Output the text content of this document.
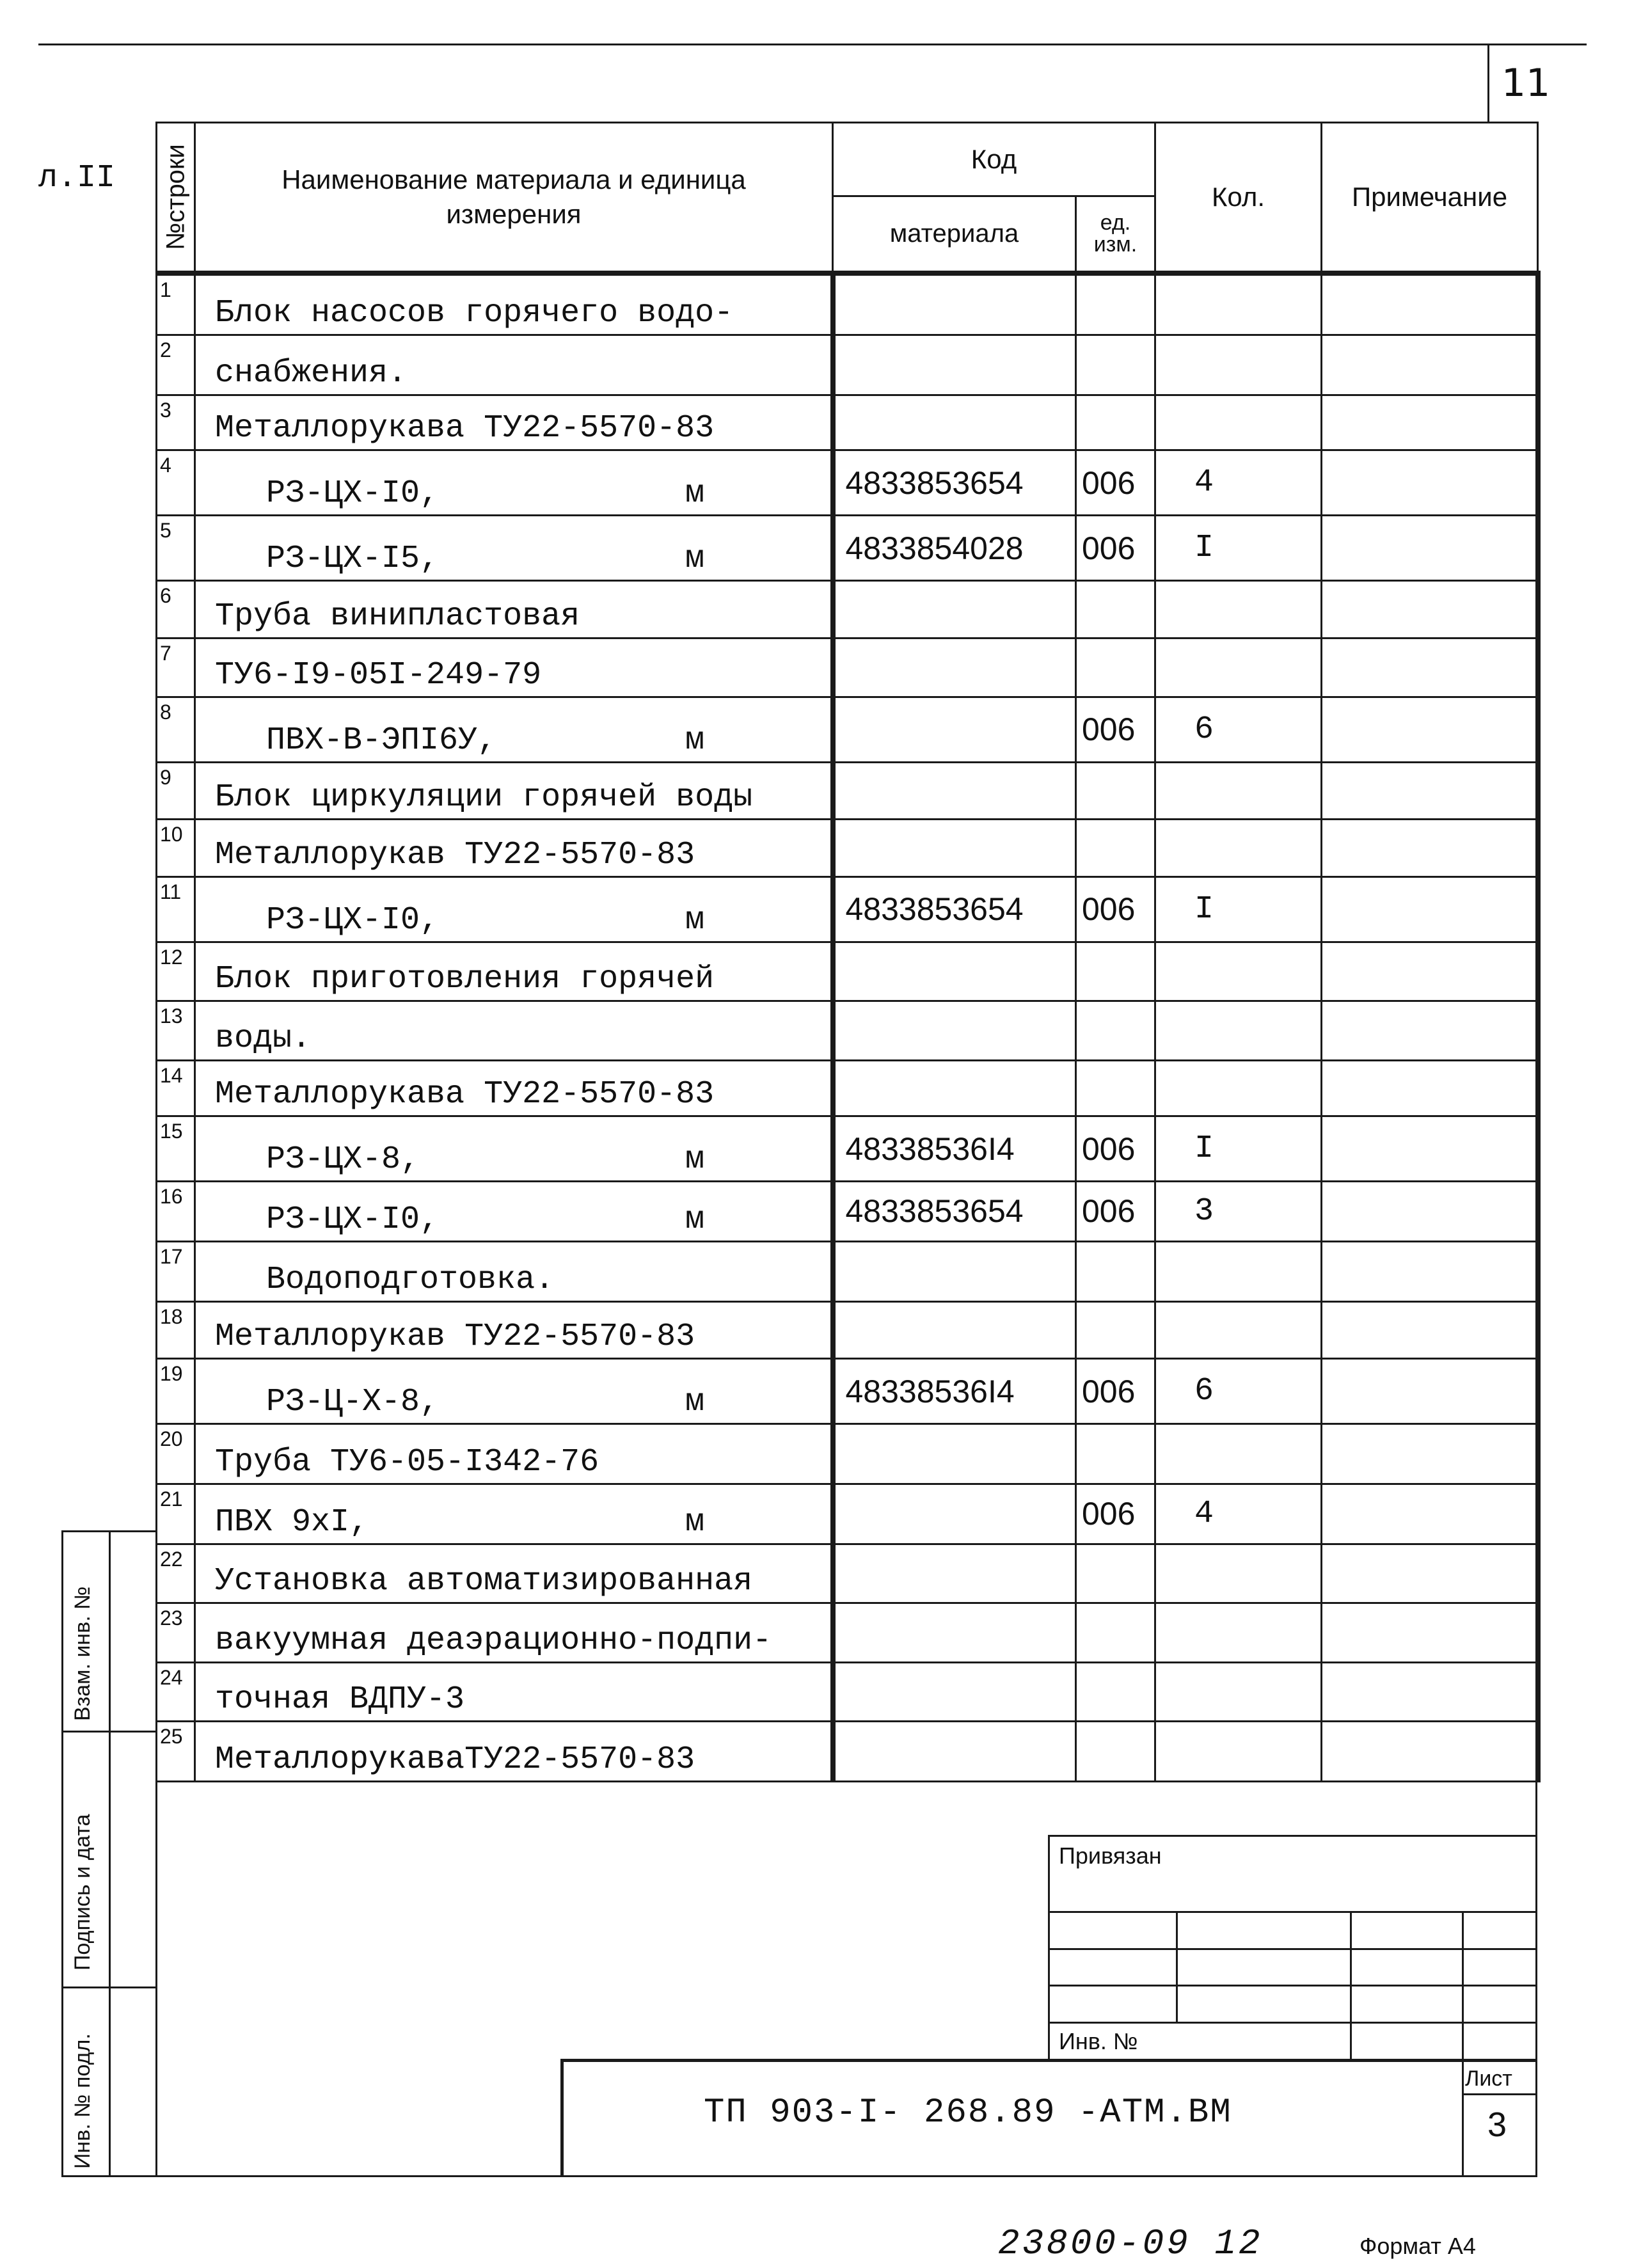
11
л.II №строки	Наименование материала и единица измерения	Код		Кол.	Примечание
		материала	ед. изм.		
1	Блок насосов горячего водо-

2	снабжения.

3	Металлорукава ТУ22-5570-83

4	РЗ-ЦХ-I0, м	4833853654	006	4	
5	РЗ-ЦХ-I5, м	4833854028	006	I	
6	Труба винипластовая

7	ТУ6-I9-05I-249-79

8	ПВХ-В-ЭПI6У, м		006	6	
9	Блок циркуляции горячей воды

10	Металлорукав ТУ22-5570-83

11	РЗ-ЦХ-I0, м	4833853654	006	I	
12	Блок приготовления горячей

13	воды.

14	Металлорукава ТУ22-5570-83

15	РЗ-ЦХ-8, м	48338536I4	006	I	
16	РЗ-ЦХ-I0, м	4833853654	006	3	
17	Водоподготовка.

18	Металлорукав ТУ22-5570-83

19	РЗ-Ц-Х-8, м	48338536I4	006	6	
20	Труба ТУ6-05-I342-76

21	ПВХ 9хI, м		006	4	
22	Установка автоматизированная

23	вакуумная деаэрационно-подпи-

24	точная ВДПУ-3

25	МеталлорукаваТУ22-5570-83

Взам. инв. №
Подпись и дата
Инв. № подл.
Привязан
Инв. №
ТП 903-I- 268.89 -АТМ.ВМ
Лист
3
23800-09 12	Формат А4
